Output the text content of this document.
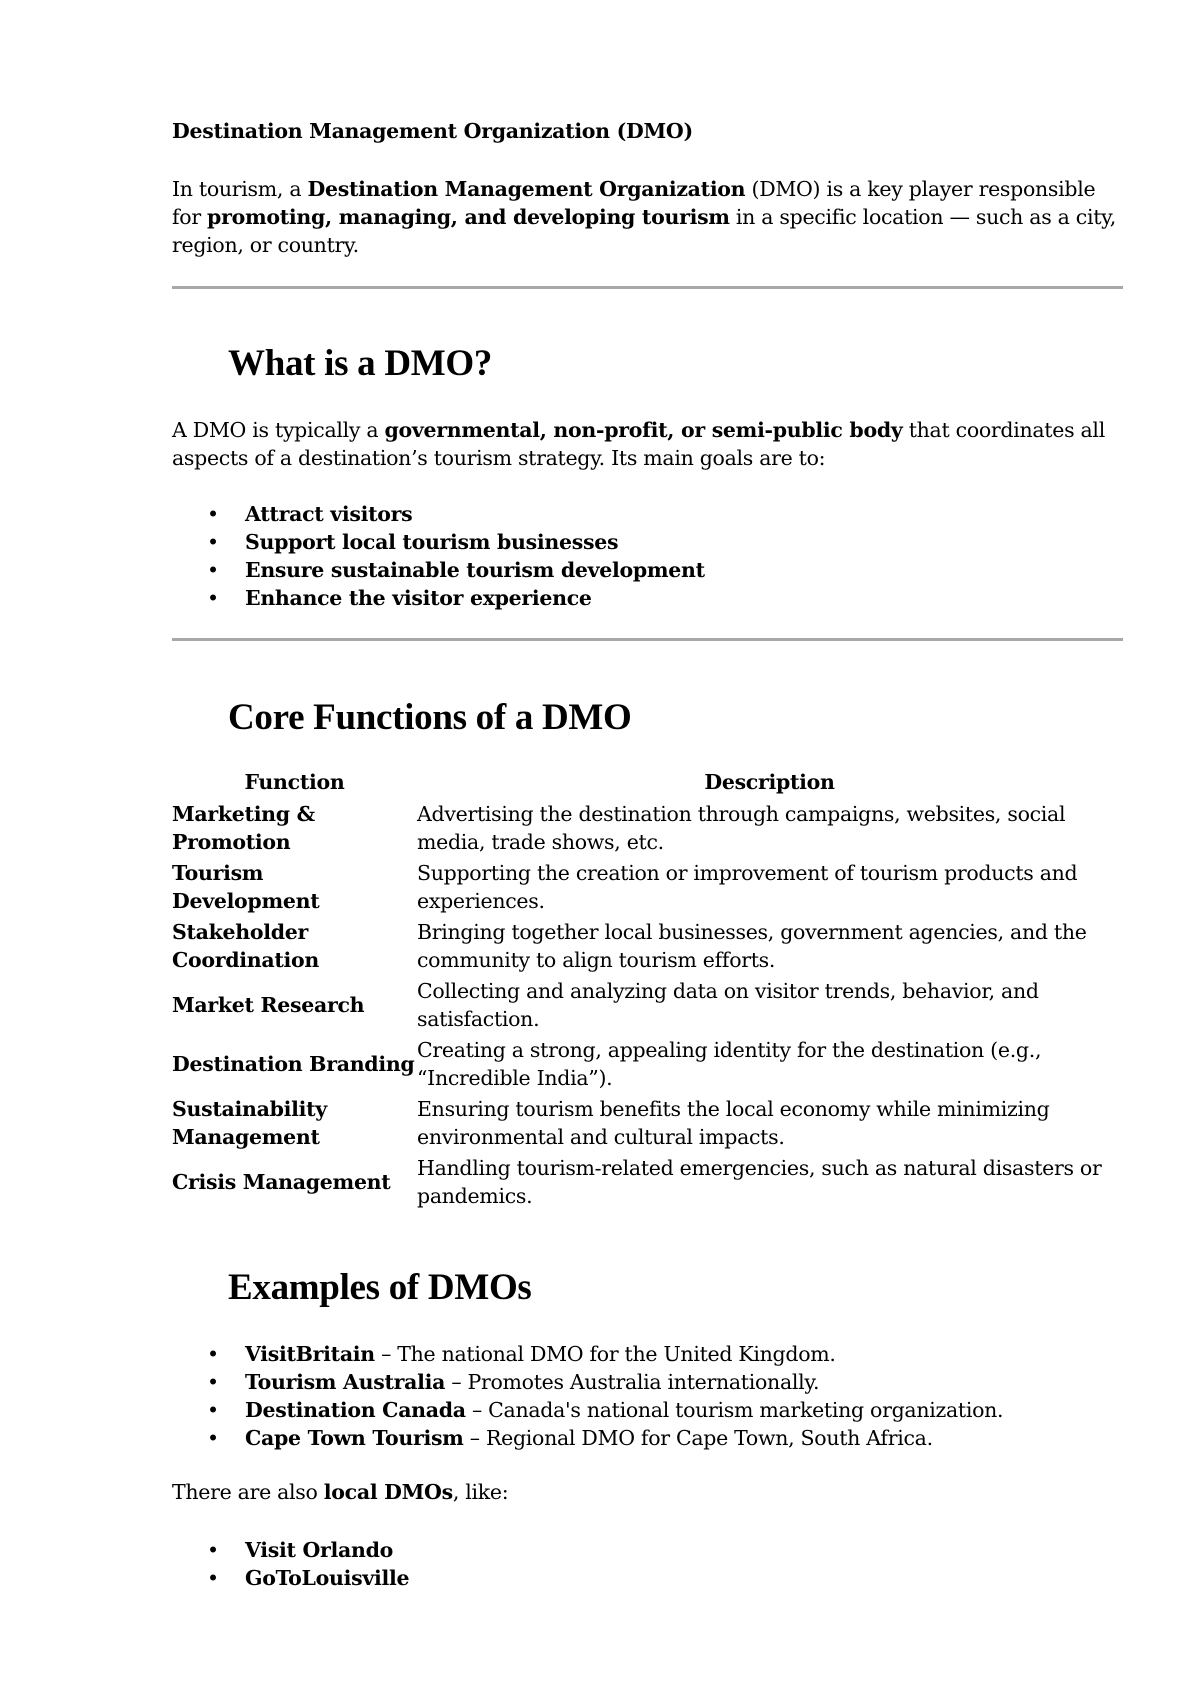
Destination Management Organization (DMO)

In tourism, a Destination Management Organization (DMO) is a key player responsible for promoting, managing, and developing tourism in a specific location — such as a city, region, or country.

What is a DMO?

A DMO is typically a governmental, non-profit, or semi-public body that coordinates all aspects of a destination’s tourism strategy. Its main goals are to:

• Attract visitors
• Support local tourism businesses
• Ensure sustainable tourism development
• Enhance the visitor experience
Core Functions of a DMO
Function	Description
Marketing & Promotion	Advertising the destination through campaigns, websites, social media, trade shows, etc.
Tourism Development	Supporting the creation or improvement of tourism products and experiences.
Stakeholder Coordination	Bringing together local businesses, government agencies, and the community to align tourism efforts.
Market Research	Collecting and analyzing data on visitor trends, behavior, and satisfaction.
Destination Branding	Creating a strong, appealing identity for the destination (e.g., “Incredible India”).
Sustainability Management	Ensuring tourism benefits the local economy while minimizing environmental and cultural impacts.
Crisis Management	Handling tourism-related emergencies, such as natural disasters or pandemics.
Examples of DMOs
• VisitBritain – The national DMO for the United Kingdom.
• Tourism Australia – Promotes Australia internationally.
• Destination Canada – Canada's national tourism marketing organization.
• Cape Town Tourism – Regional DMO for Cape Town, South Africa.

There are also local DMOs, like:

• Visit Orlando
• GoToLouisville
